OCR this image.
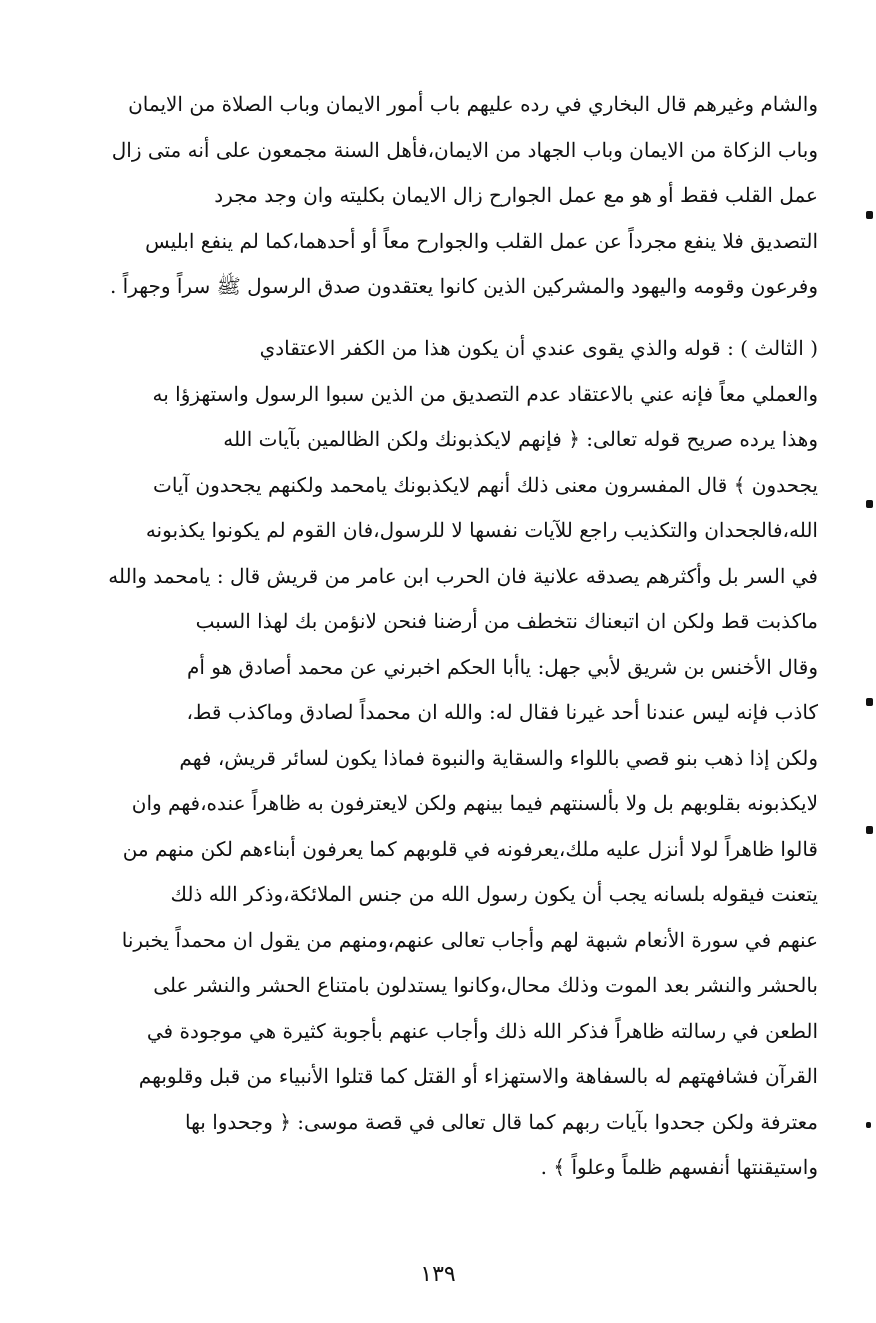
والشام وغيرهم قال البخاري في رده عليهم باب أمور الايمان وباب الصلاة من الايمان
وباب الزكاة من الايمان وباب الجهاد من الايمان،فأهل السنة مجمعون على أنه متى زال
عمل القلب فقط أو هو مع عمل الجوارح زال الايمان بكليته وان وجد مجرد
التصديق فلا ينفع مجرداً عن عمل القلب والجوارح معاً أو أحدهما،كما لم ينفع ابليس
وفرعون وقومه واليهود والمشركين الذين كانوا يعتقدون صدق الرسول ﷺ سراً وجهراً .
( الثالث ) : قوله والذي يقوى عندي أن يكون هذا من الكفر الاعتقادي
والعملي معاً فإنه عني بالاعتقاد عدم التصديق من الذين سبوا الرسول واستهزؤا به
وهذا يرده صريح قوله تعالى: ﴿ فإنهم لايكذبونك ولكن الظالمين بآيات الله
يجحدون ﴾ قال المفسرون معنى ذلك أنهم لايكذبونك يامحمد ولكنهم يجحدون آيات
الله،فالجحدان والتكذيب راجع للآيات نفسها لا للرسول،فان القوم لم يكونوا يكذبونه
في السر بل وأكثرهم يصدقه علانية فان الحرب ابن عامر من قريش قال : يامحمد والله
ماكذبت قط ولكن ان اتبعناك نتخطف من أرضنا فنحن لانؤمن بك لهذا السبب
وقال الأخنس بن شريق لأبي جهل: ياأبا الحكم اخبرني عن محمد أصادق هو أم
كاذب فإنه ليس عندنا أحد غيرنا فقال له: والله ان محمداً لصادق وماكذب قط،
ولكن إذا ذهب بنو قصي باللواء والسقاية والنبوة فماذا يكون لسائر قريش، فهم
لايكذبونه بقلوبهم بل ولا بألسنتهم فيما بينهم ولكن لايعترفون به ظاهراً عنده،فهم وان
قالوا ظاهراً لولا أنزل عليه ملك،يعرفونه في قلوبهم كما يعرفون أبناءهم لكن منهم من
يتعنت فيقوله بلسانه يجب أن يكون رسول الله من جنس الملائكة،وذكر الله ذلك
عنهم في سورة الأنعام شبهة لهم وأجاب تعالى عنهم،ومنهم من يقول ان محمداً يخبرنا
بالحشر والنشر بعد الموت وذلك محال،وكانوا يستدلون بامتناع الحشر والنشر على
الطعن في رسالته ظاهراً فذكر الله ذلك وأجاب عنهم بأجوبة كثيرة هي موجودة في
القرآن فشافهتهم له بالسفاهة والاستهزاء أو القتل كما قتلوا الأنبياء من قبل وقلوبهم
معترفة ولكن جحدوا بآيات ربهم كما قال تعالى في قصة موسى: ﴿ وجحدوا بها
واستيقنتها أنفسهم ظلماً وعلواً ﴾ .
١٣٩
